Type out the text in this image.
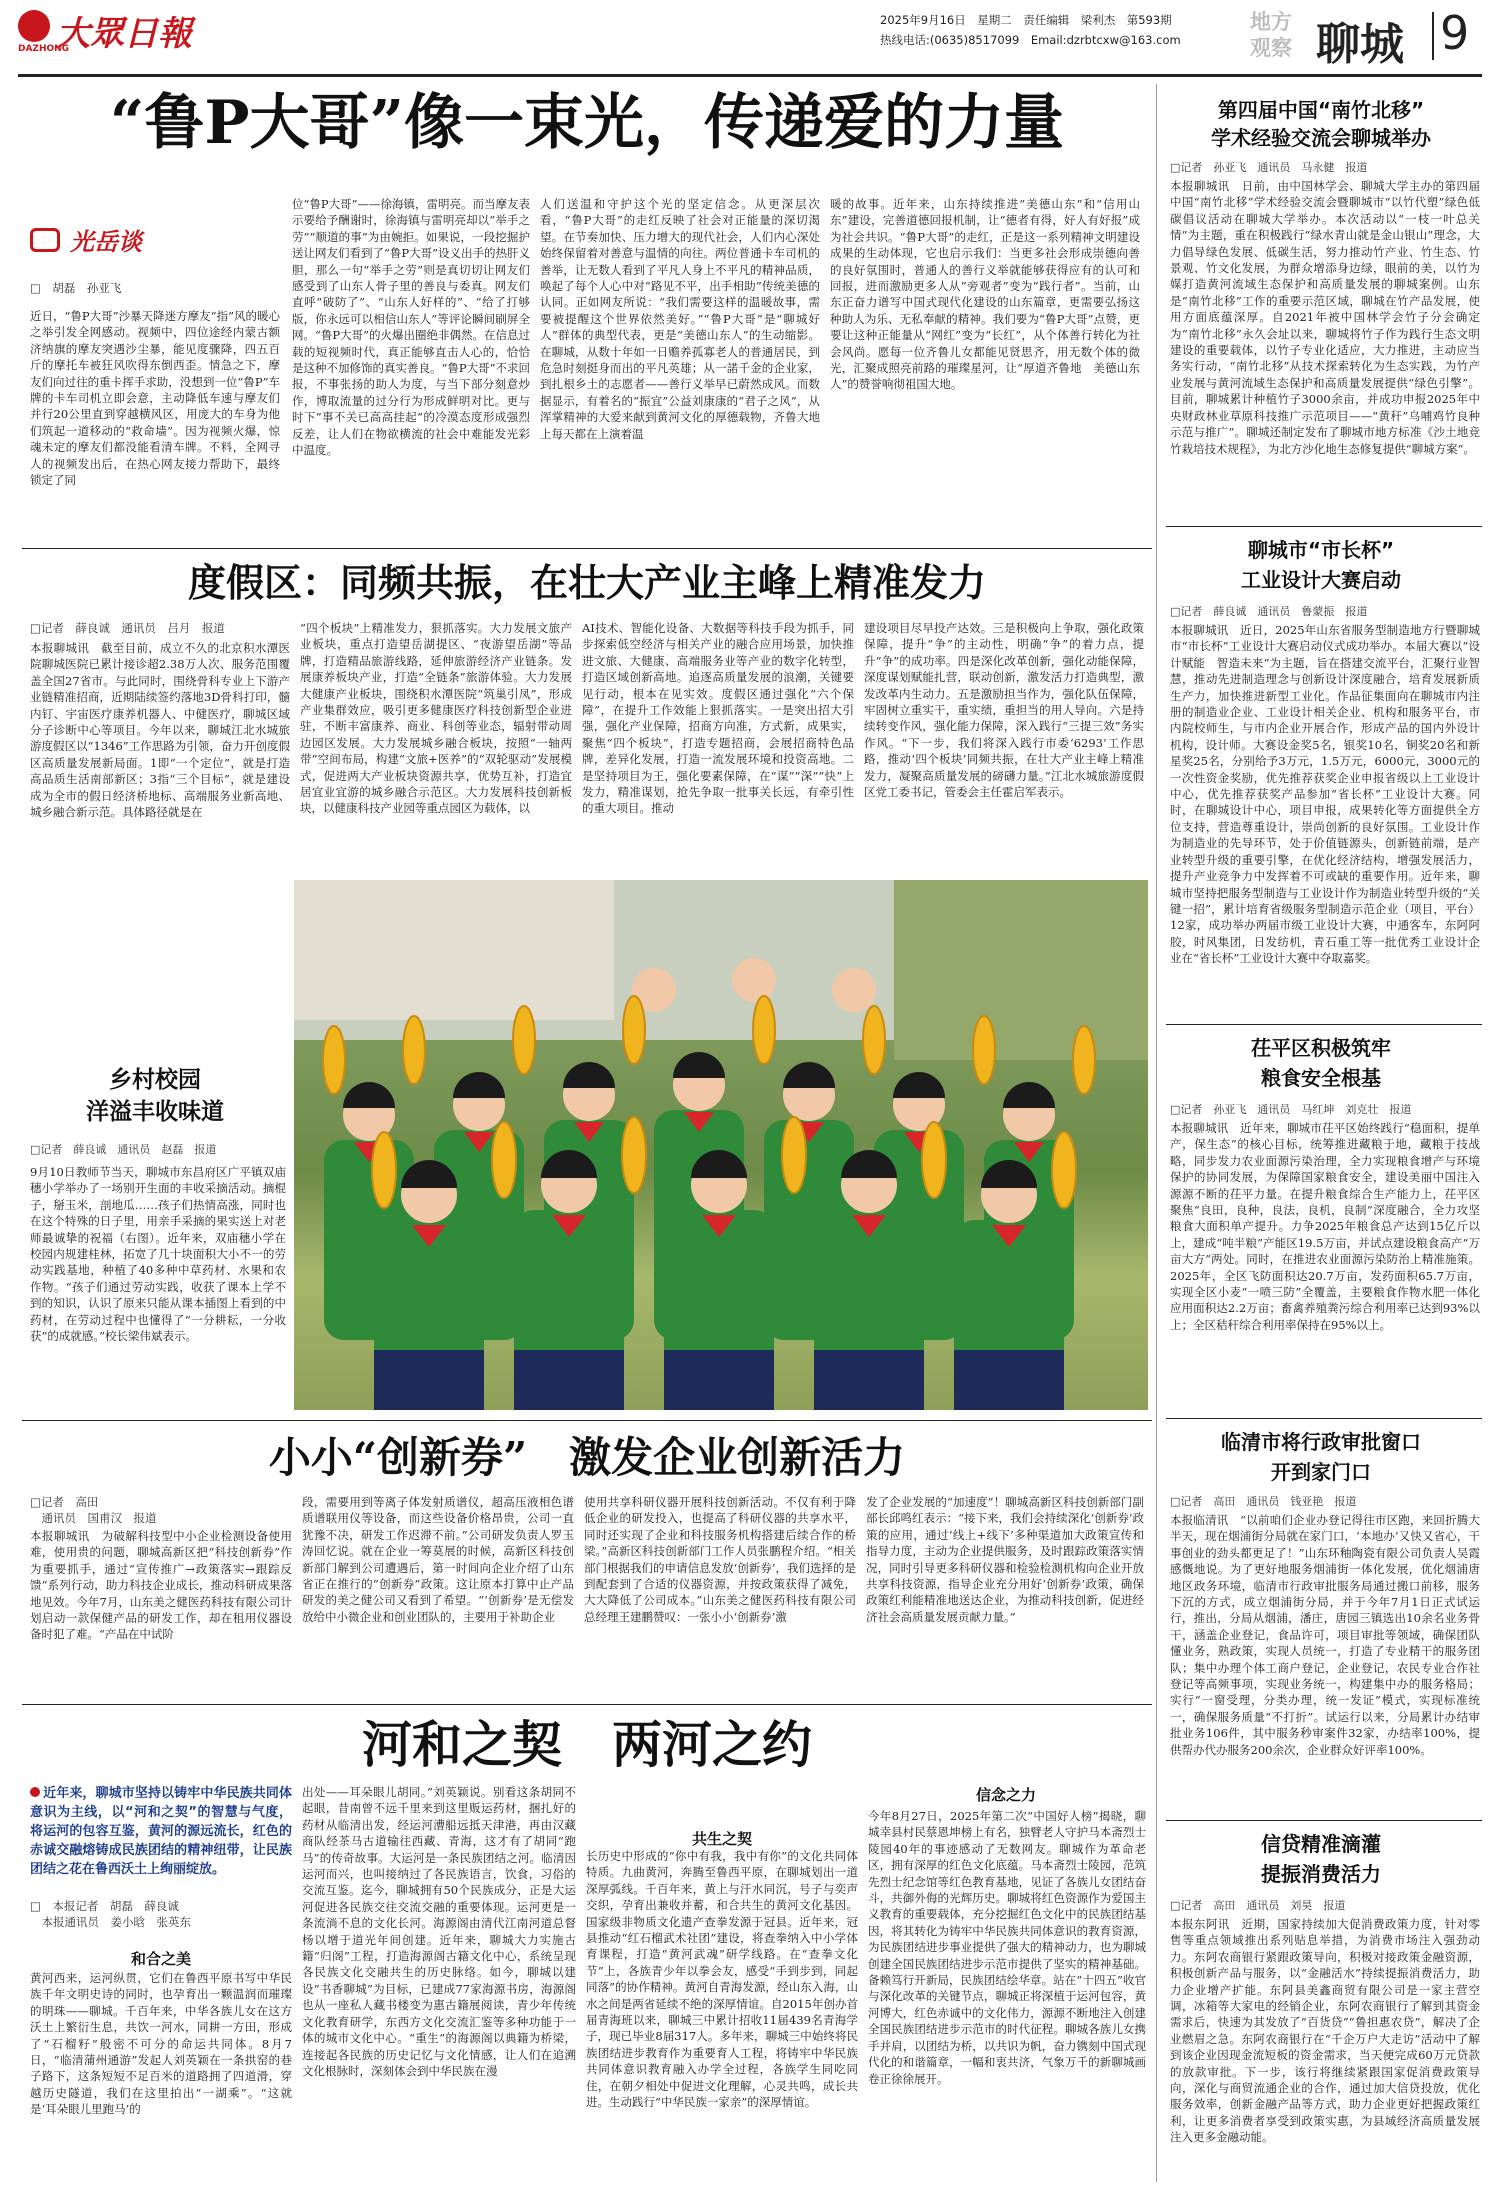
大眾日報
DAZHONG
2025年9月16日　星期二　责任编辑　梁利杰　第593期
热线电话:(0635)8517099　Email:dzrbtcxw@163.com
地方
观察 聊城 9
“鲁P大哥”像一束光，传递爱的力量
光岳谈
□　胡磊　孙亚飞
近日，“鲁P大哥”沙暴天降迷方摩友“指”风的暖心之举引发全网感动。视频中，四位途经内蒙古额济纳旗的摩友突遇沙尘暴，能见度骤降，四五百斤的摩托车被狂风吹得东倒西歪。情急之下，摩友们向过往的重卡挥手求助，没想到一位“鲁P”车牌的卡车司机立即会意，主动降低车速与摩友们并行20公里直到穿越横风区，用庞大的车身为他们筑起一道移动的“救命墙”。因为视频火爆，惊魂未定的摩友们都没能看清车牌。不料，全网寻人的视频发出后，在热心网友接力帮助下，最终锁定了同
位“鲁P大哥”——徐海镇，雷明亮。而当摩友表示要给予酬谢时，徐海镇与雷明亮却以“举手之劳”“顺道的事”为由婉拒。如果说，一段挖掘护送让网友们看到了“鲁P大哥”设义出手的热肝义胆，那么一句“举手之劳”则是真切切让网友们感受到了山东人骨子里的善良与委真。网友们直呼“破防了”、“山东人好样的”、“给了打够版，你永远可以相信山东人”等评论瞬间刷屏全网。“鲁P大哥”的火爆出圈绝非偶然。在信息过载的短视频时代，真正能够直击人心的，恰恰是这种不加修饰的真实善良。“鲁P大哥”不求回报，不事张扬的助人为度，与当下部分刻意炒作，博取流量的过分行为形成鲜明对比。更与时下“事不关已高高挂起”的冷漠态度形成强烈反差，让人们在物欲横流的社会中难能发光彩中温度。
人们送温和守护这个光的坚定信念。从更深层次看，“鲁P大哥”的走红反映了社会对正能量的深切渴望。在节奏加快、压力增大的现代社会，人们内心深处始终保留着对善意与温情的向往。两位普通卡车司机的善举，让无数人看到了平凡人身上不平凡的精神品质，唤起了每个人心中对“路见不平，出手相助”传统美德的认同。正如网友所说：“我们需要这样的温暖故事，需要被提醒这个世界依然美好。”“鲁P大哥”是“聊城好人”群体的典型代表，更是“美德山东人”的生动缩影。在聊城，从数十年如一日赡养孤寡老人的普通居民，到危急时刻挺身而出的平凡英雄；从一諾千金的企业家，到扎根乡土的志愿者——善行义举早已蔚然成风。而数据显示，有着名的“振宜”公益刘康康的“君子之风”，从浑掌精神的大爱来献到黄河文化的厚德载物，齐鲁大地上每天都在上演着温
暖的故事。近年来，山东持续推进“美德山东”和“信用山东”建设，完善道德回报机制，让“德者有得，好人有好报”成为社会共识。“鲁P大哥”的走红，正是这一系列精神文明建设成果的生动体现，它也启示我们：当更多社会形成崇德向善的良好氛围时，普通人的善行义举就能够获得应有的认可和回报，进而激励更多人从“旁观者”变为“践行者”。当前，山东正奋力谱写中国式现代化建设的山东篇章，更需要弘扬这种助人为乐、无私奉献的精神。我们要为“鲁P大哥”点赞，更要让这种正能量从“网红”变为“长红”，从个体善行转化为社会风尚。愿每一位齐鲁儿女都能见贤思齐，用无数个体的微光，汇聚成照亮前路的璀璨星河，让“厚道齐鲁地　美德山东人”的赞誉响彻祖国大地。
度假区：同频共振，在壮大产业主峰上精准发力
□记者　薛良诚　通讯员　吕月　报道
本报聊城讯　截至目前，成立不久的北京积水潭医院聊城医院已累计接诊超2.38万人次、服务范围覆盖全国27省市。与此同时，围绕骨科专业上下游产业链精准招商，近期陆续签约落地3D骨科打印，髓内钉、宇宙医疗康养机器人、中健医疗，聊城区域分子诊断中心等项目。今年以来，聊城江北水城旅游度假区以“1346”工作思路为引领，奋力开创度假区高质量发展新局面。1即“一个定位”，就是打造高品质生活南部新区；3指“三个目标”，就是建设成为全市的假日经济桥地标、高端服务业新高地、城乡融合新示范。具体路径就是在
“四个板块”上精准发力，狠抓落实。大力发展文旅产业板块，重点打造望岳湖提区、“夜游望岳湖”等品牌，打造精品旅游线路，延伸旅游经济产业链条。发展康养板块产业，打造“全链条”旅游体验。大力发展大健康产业板块，围绕积水潭医院“筑巢引凤”，形成产业集群效应，吸引更多健康医疗科技创新型企业进驻，不断丰富康养、商业、科创等业态，辐射带动周边园区发展。大力发展城乡融合板块，按照“一轴两带”空间布局，构建“文旅+医养”的“双轮驱动”发展模式，促进两大产业板块资源共享，优势互补，打造宜居宜业宜游的城乡融合示范区。大力发展科技创新板块，以健康科技产业园等重点园区为载体，以
AI技术、智能化设备、大数据等科技手段为抓手，同步探索低空经济与相关产业的融合应用场景，加快推进文旅、大健康、高端服务业等产业的数字化转型，打造区域创新高地。追逐高质量发展的浪潮，关键要见行动，根本在见实效。度假区通过强化“六个保障”，在提升工作效能上狠抓落实。一是突出招大引强，强化产业保障，招商方向准，方式新，成果实，聚焦“四个板块”，打造专题招商，会展招商特色品牌，差异化发展，打造一流发展环境和投资高地。二是坚持项目为王，强化要素保障，在“谋”“深”“快”上发力，精准谋划，抢先争取一批事关长远，有牵引性的重大项目。推动
建设项目尽早投产达效。三是积极向上争取，强化政策保障，提升“争”的主动性，明确“争”的着力点，提升“争”的成功率。四是深化改革创新，强化动能保障，深度谋划赋能扎营，联动创新，激发活力打造典型，激发改革内生动力。五是激励担当作为，强化队伍保障，牢固树立重实干，重实绩，重担当的用人导向。六是持续转变作风，强化能力保障，深入践行“三提三效”务实作风。“下一步，我们将深入践行市委‘6293’工作思路，推动‘四个板块’同频共振，在壮大产业主峰上精准发力，凝聚高质量发展的磅礴力量。”江北水城旅游度假区党工委书记，管委会主任霍启军表示。
乡村校园
洋溢丰收味道
□记者　薛良诚　通讯员　赵磊　报道
9月10日教师节当天，聊城市东昌府区广平镇双庙穗小学举办了一场别开生面的丰收采摘活动。摘棍子，掰玉米，剖地瓜……孩子们热情高涨，同时也在这个特殊的日子里，用亲手采摘的果实送上对老师最诚挚的祝福（右图）。近年来，双庙穗小学在校园内规建桂林，拓宽了几十块面积大小不一的劳动实践基地，种植了40多种中草药材、水果和农作物。“孩子们通过劳动实践，收获了课本上学不到的知识，认识了原来只能从课本插图上看到的中药材，在劳动过程中也懂得了“一分耕耘，一分收获”的成就感。”校长梁伟斌表示。
小小“创新券”　激发企业创新活力
□记者　高田
　通讯员　国甫汉　报道
本报聊城讯　为破解科技型中小企业检测设备使用难，使用贵的问题，聊城高新区把“科技创新券”作为重要抓手，通过“宣传推广→政策落实→跟踪反馈”系列行动，助力科技企业成长，推动科研成果落地见效。今年7月，山东美之健医药科技有限公司计划启动一款保健产品的研发工作，却在租用仪器设备时犯了难。“产品在中试阶
段，需要用到等离子体发射质谱仪，超高压液相色谱质谱联用仪等设备，而这些设备价格昂贵，公司一直犹豫不决，研发工作迟滞不前。”公司研发负责人罗玉涛回忆说。就在企业一筹莫展的时候，高新区科技创新部门解到公司遭遇后，第一时间向企业介绍了山东省正在推行的“创新券”政策。这让原本打算中止产品研发的美之健公司又看到了希望。“‘创新券’是无偿发放给中小微企业和创业团队的，主要用于补助企业
使用共享科研仪器开展科技创新活动。不仅有利于降低企业的研发投入，也提高了科研仪器的共享水平，同时还实现了企业和科技服务机构搭建后续合作的桥梁。”高新区科技创新部门工作人员张鹏程介绍。“相关部门根据我们的申请信息发放‘创新券’，我们选择的是到配套到了合适的仪器资源，并按政策获得了减免，大大降低了公司成本。”山东美之健医药科技有限公司总经理王建鹏赞叹：一张小小‘创新券’激
发了企业发展的“加速度”！聊城高新区科技创新部门副部长邱鸣红表示：“接下来，我们会持续深化‘创新券’政策的应用，通过‘线上+线下’多种渠道加大政策宣传和指导力度，主动为企业提供服务，及时跟踪政策落实情况，同时引导更多科研仪器和检验检测机构向企业开放共享科技资源，指导企业充分用好‘创新券’政策，确保政策红利能精准地送达企业，为推动科技创新，促进经济社会高质量发展贡献力量。”
河和之契　两河之约
近年来，聊城市坚持以铸牢中华民族共同体意识为主线，以“河和之契”的智慧与气度，将运河的包容互鉴，黄河的源远流长，红色的赤诚交融熔铸成民族团结的精神纽带，让民族团结之花在鲁西沃土上绚丽绽放。
□　本报记者　胡磊　薛良诚
　本报通讯员　姜小晗　张英东
和合之美
黄河西来，运河纵贯，它们在鲁西平原书写中华民族千年文明史诗的同时，也孕育出一颗温润而璀璨的明珠——聊城。千百年来，中华各族儿女在这方沃土上繁衍生息，共饮一河水，同耕一方田，形成了“石榴籽”般密不可分的命运共同体。8月7日，“临清蒲州通游”发起人刘英颖在一条拱窑的巷子路下，这条短短不足百米的道路拥了四道滑，穿越历史隧道，我们在这里拍出“一湖乘”。“这就是‘耳朵眼儿里跑马’的
出处——耳朵眼儿胡同。”刘英颖说。别看这条胡同不起眼，昔南曾不远千里来到这里贩运药材，捆扎好的药材从临清出发，经运河漕船远抵天津港，再由汉藏商队经茶马古道输往西藏、青海，这才有了胡同“跑马”的传奇故事。大运河是一条民族团结之河。临清因运河而兴，也叫接纳过了各民族语言，饮食，习俗的交流互鉴。迄今，聊城拥有50个民族成分，正是大运河促进各民族交往交流交融的重要体现。运河更是一条流淌不息的文化长河。海源阁由清代江南河道总督杨以增于道光年间创建。近年来，聊城大力实施古籍“归阁”工程，打造海源阁古籍文化中心，系统呈现各民族文化交融共生的历史脉络。如今，聊城以建设“书香聊城”为目标，已建成77家海源书房，海源阁也从一座私人藏书楼变为惠古籍展阅读，青少年传统文化教育研学，东西方文化交流汇鉴等多种功能于一体的城市文化中心。“重生”的海源阁以典籍为桥梁，连接起各民族的历史记忆与文化情感，让人们在追溯文化根脉时，深刻体会到中华民族在漫
共生之契
长历史中形成的“你中有我，我中有你”的文化共同体特质。九曲黄河，奔腾至鲁西平原，在聊城划出一道深厚弧线。千百年来，黄上与汗水同沉，号子与奕声交织，孕育出兼收并蓄，和合共生的黄河文化基因。国家级非物质文化遗产查拳发源于冠县。近年来，冠县推动“红石榴武术社团”建设，将查拳纳入中小学体育课程，打造“黄河武魂”研学线路。在“查拳文化节”上，各族青少年以拳会友，感受“手到步到，同起同落”的协作精神。黄河自青海发源，经山东入海，山水之间是两省延续不绝的深厚情谊。自2015年创办首届青海班以来，聊城三中累计招收11届439名青海学子，现已毕业8届317人。多年来，聊城三中始终将民族团结进步教育作为重要育人工程，将铸牢中华民族共同体意识教育融入办学全过程，各族学生同吃同住，在朝夕相处中促进文化理解，心灵共鸣，成长共进。生动践行“中华民族一家亲”的深厚情谊。
信念之力
今年8月27日，2025年第二次“中国好人榜”揭晓，聊城幸县村民蔡恩坤榜上有名，独臂老人守护马本斋烈士陵园40年的事迹感动了无数网友。聊城作为革命老区，拥有深厚的红色文化底蕴。马本斋烈士陵园，范筑先烈士纪念馆等红色教育基地，见证了各族儿女团结奋斗，共御外侮的光辉历史。聊城将红色资源作为爱国主义教育的重要载体，充分挖掘红色文化中的民族团结基因，将其转化为铸牢中华民族共同体意识的教育资源，为民族团结进步事业提供了强大的精神动力，也为聊城创建全国民族团结进步示范市提供了坚实的精神基础。备赖笃行开新局，民族团结绘华章。站在“十四五”收官与深化改革的关键节点，聊城正将深植于运河包容，黄河博大，红色赤诚中的文化伟力，源源不断地注入创建全国民族团结进步示范市的时代征程。聊城各族儿女携手并肩，以团结为桥，以共识为帆，奋力镌刻中国式现代化的和谐篇章，一幅和衷共济，气象万千的新聊城画卷正徐徐展开。
第四届中国“南竹北移”
学术经验交流会聊城举办
□记者　孙亚飞　通讯员　马永健　报道
本报聊城讯　日前，由中国林学会、聊城大学主办的第四届中国“南竹北移”学术经验交流会暨聊城市“以竹代塑”绿色低碳倡议活动在聊城大学举办。本次活动以“一枝一叶总关情”为主题，重在积极践行“绿水青山就是金山银山”理念，大力倡导绿色发展、低碳生活，努力推动竹产业、竹生态、竹景观、竹文化发展，为群众增添身边绿，眼前的美，以竹为媒打造黄河流域生态保护和高质量发展的聊城案例。山东是“南竹北移”工作的重要示范区域，聊城在竹产品发展，使用方面底蕴深厚。自2021年被中国林学会竹子分会确定为“南竹北移”永久会址以来，聊城将竹子作为践行生态文明建设的重要载体，以竹子专业化适应，大力推进，主动应当务实行动，“南竹北移”从技术探索转化为生态实践，为竹产业发展与黄河流域生态保护和高质量发展提供“绿色引擎”。目前，聊城累计种植竹子3000余亩，并成功申报2025年中央财政林业草原科技推广示范项目——“黄秆”乌哺鸡竹良种示范与推广”。聊城还制定发布了聊城市地方标准《沙土地竞竹栽培技术规程》，为北方沙化地生态修复提供“聊城方案”。
聊城市“市长杯”
工业设计大赛启动
□记者　薛良诚　通讯员　鲁蒙振　报道
本报聊城讯　近日，2025年山东省服务型制造地方行暨聊城市“市长杯”工业设计大赛启动仪式成功举办。本届大赛以“设计赋能　智造未来”为主题，旨在搭建交流平台，汇聚行业智慧，推动先进制造理念与创新设计深度融合，培育发展新质生产力，加快推进新型工业化。作品征集面向在聊城市内注册的制造业企业、工业设计相关企业、机构和服务平台，市内院校师生，与市内企业开展合作，形成产品的国内外设计机构，设计师。大赛设金奖5名，银奖10名，铜奖20名和新星奖25名，分别给予3万元，1.5万元，6000元，3000元的一次性资金奖励，优先推荐获奖企业申报省级以上工业设计中心，优先推荐获奖产品参加“省长杯”工业设计大赛。同时，在聊城设计中心，项目申报，成果转化等方面提供全方位支持，营造尊重设计，崇尚创新的良好氛围。工业设计作为制造业的先导环节，处于价值链源头，创新链前端，是产业转型升级的重要引擎，在优化经济结构，增强发展活力，提升产业竞争力中发挥着不可或缺的重要作用。近年来，聊城市坚持把服务型制造与工业设计作为制造业转型升级的“关键一招”，累计培育省级服务型制造示范企业（项目，平台）12家，成功举办两届市级工业设计大赛，中通客车，东阿阿胶，时风集团，日发纺机，青石重工等一批优秀工业设计企业在“省长杯”工业设计大赛中夺取嘉奖。
茌平区积极筑牢
粮食安全根基
□记者　孙亚飞　通讯员　马红坤　刘克壮　报道
本报聊城讯　近年来，聊城市茌平区始终践行“稳面积，提单产，保生态”的核心目标，统筹推进藏粮于地，藏粮于技战略，同步发力农业面源污染治理，全力实现粮食增产与环境保护的协同发展，为保障国家粮食安全，建设美丽中国注入源源不断的茌平力量。在提升粮食综合生产能力上，茌平区聚焦“良田，良种，良法，良机，良制”深度融合，全力攻坚粮食大面积单产提升。力争2025年粮食总产达到15亿斤以上，建成“吨半粮”产能区19.5万亩，并试点建设粮食高产“万亩大方”两处。同时，在推进农业面源污染防治上精准施策。2025年，全区飞防面积达20.7万亩，发药面积65.7万亩，实现全区小麦“一喷三防”全覆盖，主要粮食作物水肥一体化应用面积达2.2万亩；畜禽养殖粪污综合利用率已达到93%以上；全区秸秆综合利用率保持在95%以上。
临清市将行政审批窗口
开到家门口
□记者　高田　通讯员　钱亚艳　报道
本报临清讯　“以前咱们企业办登记得往市区跑，来回折腾大半天，现在烟浦街分局就在家门口，‘本地办’又快又省心，干事创业的劲头都更足了！”山东环釉陶瓷有限公司负责人吴霞感慨地说。为了更好地服务烟浦街一体化发展，优化烟浦唐地区政务环境，临清市行政审批服务局通过搬口前移，服务下沉的方式，成立烟浦街分局，并于今年7月1日正式试运行，推出，分局从烟浦，潘庄，唐园三镇选出10余名业务骨干，涵盖企业登记，食品许可，项目审批等领域，确保团队懂业务，熟政策，实现人员统一，打造了专业精干的服务团队；集中办理个体工商户登记，企业登记，农民专业合作社登记等高频事项，实现业务统一，构建集中办的服务格局；实行“一窗受理，分类办理，统一发证”模式，实现标准统一，确保服务质量“不打折”。试运行以来，分局累计办结审批业务106件，其中服务秒审案件32家，办结率100%，提供帮办代办服务200余次，企业群众好评率100%。
信贷精准滴灌
提振消费活力
□记者　高田　通讯员　刘昊　报道
本报东阿讯　近期，国家持续加大促消费政策力度，针对零售等重点领域推出系列贴息举措，为消费市场注入强劲动力。东阿农商银行紧跟政策导向，积极对接政策金融资源，积极创新产品与服务，以“金融活水”持续提振消费活力，助力企业增产扩能。东阿县美鑫商贸有限公司是一家主营空调，冰箱等大家电的经销企业，东阿农商银行了解到其资金需求后，快速为其发放了“百货贷”“鲁担惠农贷”，解决了企业燃眉之急。东阿农商银行在“千企万户大走访”活动中了解到该企业因现金流短板的资金需求，当天便完成60万元贷款的放款审批。下一步，该行将继续紧跟国家促消费政策导向，深化与商贸流通企业的合作，通过加大信贷投放，优化服务效率，创新金融产品等方式，助力企业更好把握政策红利，让更多消费者享受到政策实惠，为县域经济高质量发展注入更多金融动能。
